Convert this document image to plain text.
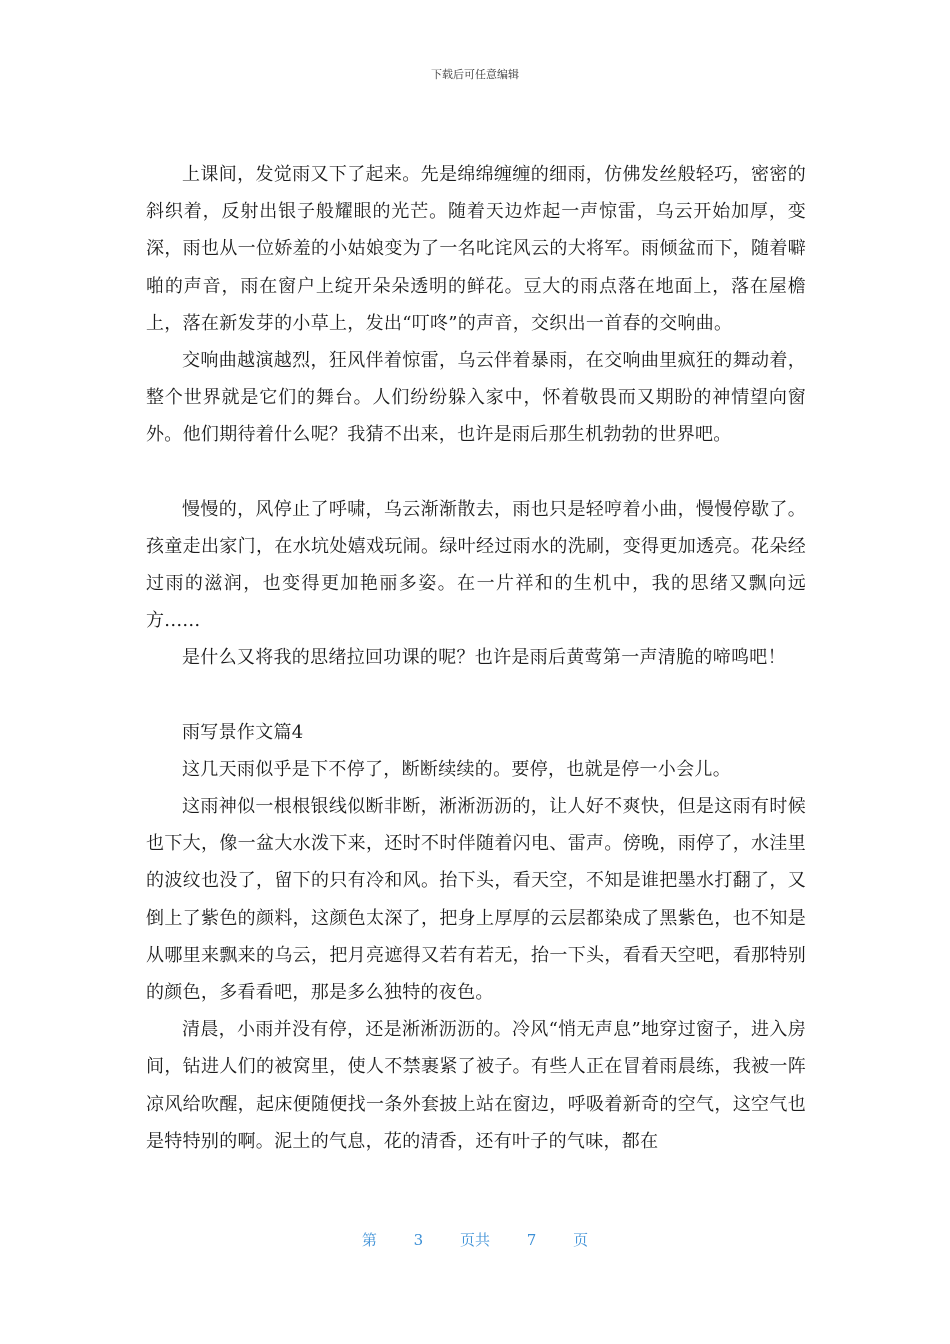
下载后可任意编辑

上课间，发觉雨又下了起来。先是绵绵缠缠的细雨，仿佛发丝般轻巧，密密的斜织着，反射出银子般耀眼的光芒。随着天边炸起一声惊雷，乌云开始加厚，变深，雨也从一位娇羞的小姑娘变为了一名叱诧风云的大将军。雨倾盆而下，随着噼啪的声音，雨在窗户上绽开朵朵透明的鲜花。豆大的雨点落在地面上，落在屋檐上，落在新发芽的小草上，发出“叮咚”的声音，交织出一首春的交响曲。

交响曲越演越烈，狂风伴着惊雷，乌云伴着暴雨，在交响曲里疯狂的舞动着，整个世界就是它们的舞台。人们纷纷躲入家中，怀着敬畏而又期盼的神情望向窗外。他们期待着什么呢？我猜不出来，也许是雨后那生机勃勃的世界吧。

慢慢的，风停止了呼啸，乌云渐渐散去，雨也只是轻哼着小曲，慢慢停歇了。孩童走出家门，在水坑处嬉戏玩闹。绿叶经过雨水的洗刷，变得更加透亮。花朵经过雨的滋润，也变得更加艳丽多姿。在一片祥和的生机中，我的思绪又飘向远方......

是什么又将我的思绪拉回功课的呢？也许是雨后黄莺第一声清脆的啼鸣吧！

雨写景作文篇4

这几天雨似乎是下不停了，断断续续的。要停，也就是停一小会儿。

这雨神似一根根银线似断非断，淅淅沥沥的，让人好不爽快，但是这雨有时候也下大，像一盆大水泼下来，还时不时伴随着闪电、雷声。傍晚，雨停了，水洼里的波纹也没了，留下的只有冷和风。抬下头，看天空，不知是谁把墨水打翻了，又倒上了紫色的颜料，这颜色太深了，把身上厚厚的云层都染成了黑紫色，也不知是从哪里来飘来的乌云，把月亮遮得又若有若无，抬一下头，看看天空吧，看那特别的颜色，多看看吧，那是多么独特的夜色。

清晨，小雨并没有停，还是淅淅沥沥的。冷风“悄无声息”地穿过窗子，进入房间，钻进人们的被窝里，使人不禁裹紧了被子。有些人正在冒着雨晨练，我被一阵凉风给吹醒，起床便随便找一条外套披上站在窗边，呼吸着新奇的空气，这空气也是特特别的啊。泥土的气息，花的清香，还有叶子的气味，都在

第 3 页共 7 页
